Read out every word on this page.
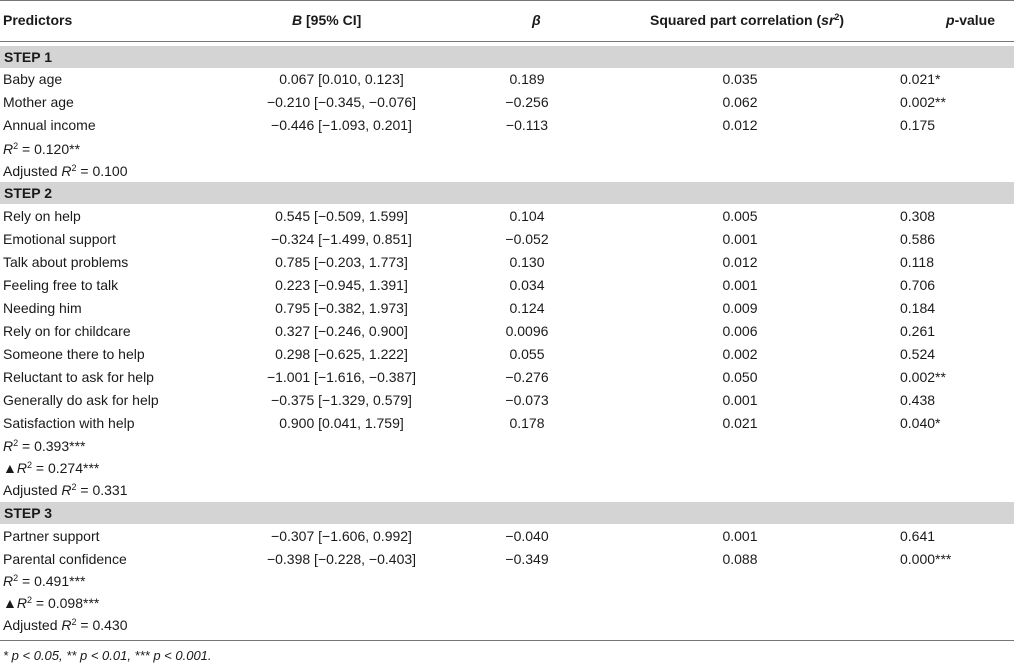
Predictors	B [95% CI]	β	Squared part correlation $(sr^2)$	p-value
STEP 1
Baby age	0.067 [0.010, 0.123]	0.189	0.035	0.021*
Mother age	−0.210 [−0.345, −0.076]	−0.256	0.062	0.002**
Annual income	−0.446 [−1.093, 0.201]	−0.113	0.012	0.175
$R^2 = 0.120**$
Adjusted $R^2 = 0.100$
STEP 2
Rely on help	0.545 [−0.509, 1.599]	0.104	0.005	0.308
Emotional support	−0.324 [−1.499, 0.851]	−0.052	0.001	0.586
Talk about problems	0.785 [−0.203, 1.773]	0.130	0.012	0.118
Feeling free to talk	0.223 [−0.945, 1.391]	0.034	0.001	0.706
Needing him	0.795 [−0.382, 1.973]	0.124	0.009	0.184
Rely on for childcare	0.327 [−0.246, 0.900]	0.0096	0.006	0.261
Someone there to help	0.298 [−0.625, 1.222]	0.055	0.002	0.524
Reluctant to ask for help	−1.001 [−1.616, −0.387]	−0.276	0.050	0.002**
Generally do ask for help	−0.375 [−1.329, 0.579]	−0.073	0.001	0.438
Satisfaction with help	0.900 [0.041, 1.759]	0.178	0.021	0.040*
$R^2 = 0.393***$
$▲R^2 = 0.274***$
Adjusted $R^2 = 0.331$
STEP 3
Partner support	−0.307 [−1.606, 0.992]	−0.040	0.001	0.641
Parental confidence	−0.398 [−0.228, −0.403]	−0.349	0.088	0.000***
$R^2 = 0.491***$
$▲R^2 = 0.098***$
Adjusted $R^2 = 0.430$
* p < 0.05, ** p < 0.01, *** p < 0.001.
